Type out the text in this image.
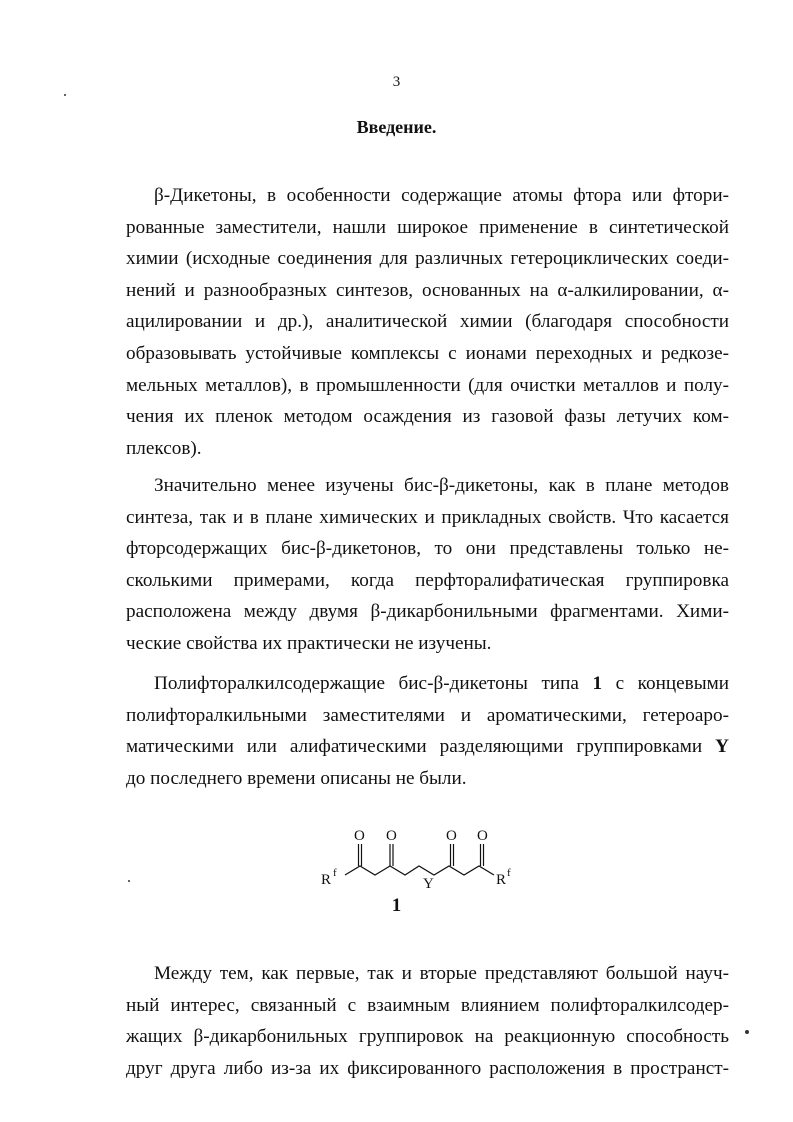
3
Введение.
β-Дикетоны, в особенности содержащие атомы фтора или фтори-
рованные заместители, нашли широкое применение в синтетической
химии (исходные соединения для различных гетероциклических соеди-
нений и разнообразных синтезов, основанных на α-алкилировании, α-
ацилировании и др.), аналитической химии (благодаря способности
образовывать устойчивые комплексы с ионами переходных и редкозе-
мельных металлов), в промышленности (для очистки металлов и полу-
чения их пленок методом осаждения из газовой фазы летучих ком-
плексов).
Значительно менее изучены бис-β-дикетоны, как в плане методов
синтеза, так и в плане химических и прикладных свойств. Что касается
фторсодержащих бис-β-дикетонов, то они представлены только не-
сколькими примерами, когда перфторалифатическая группировка
расположена между двумя β-дикарбонильными фрагментами. Хими-
ческие свойства их практически не изучены.
Полифторалкилсодержащие бис-β-дикетоны типа 1 с концевыми
полифторалкильными заместителями и ароматическими, гетероаро-
матическими или алифатическими разделяющими группировками Y
до последнего времени описаны не были.
O O	O O
R f
Y	R f
1
Между тем, как первые, так и вторые представляют большой науч-
ный интерес, связанный с взаимным влиянием полифторалкилсодер-
жащих β-дикарбонильных группировок на реакционную способность
друг друга либо из-за их фиксированного расположения в пространст-
